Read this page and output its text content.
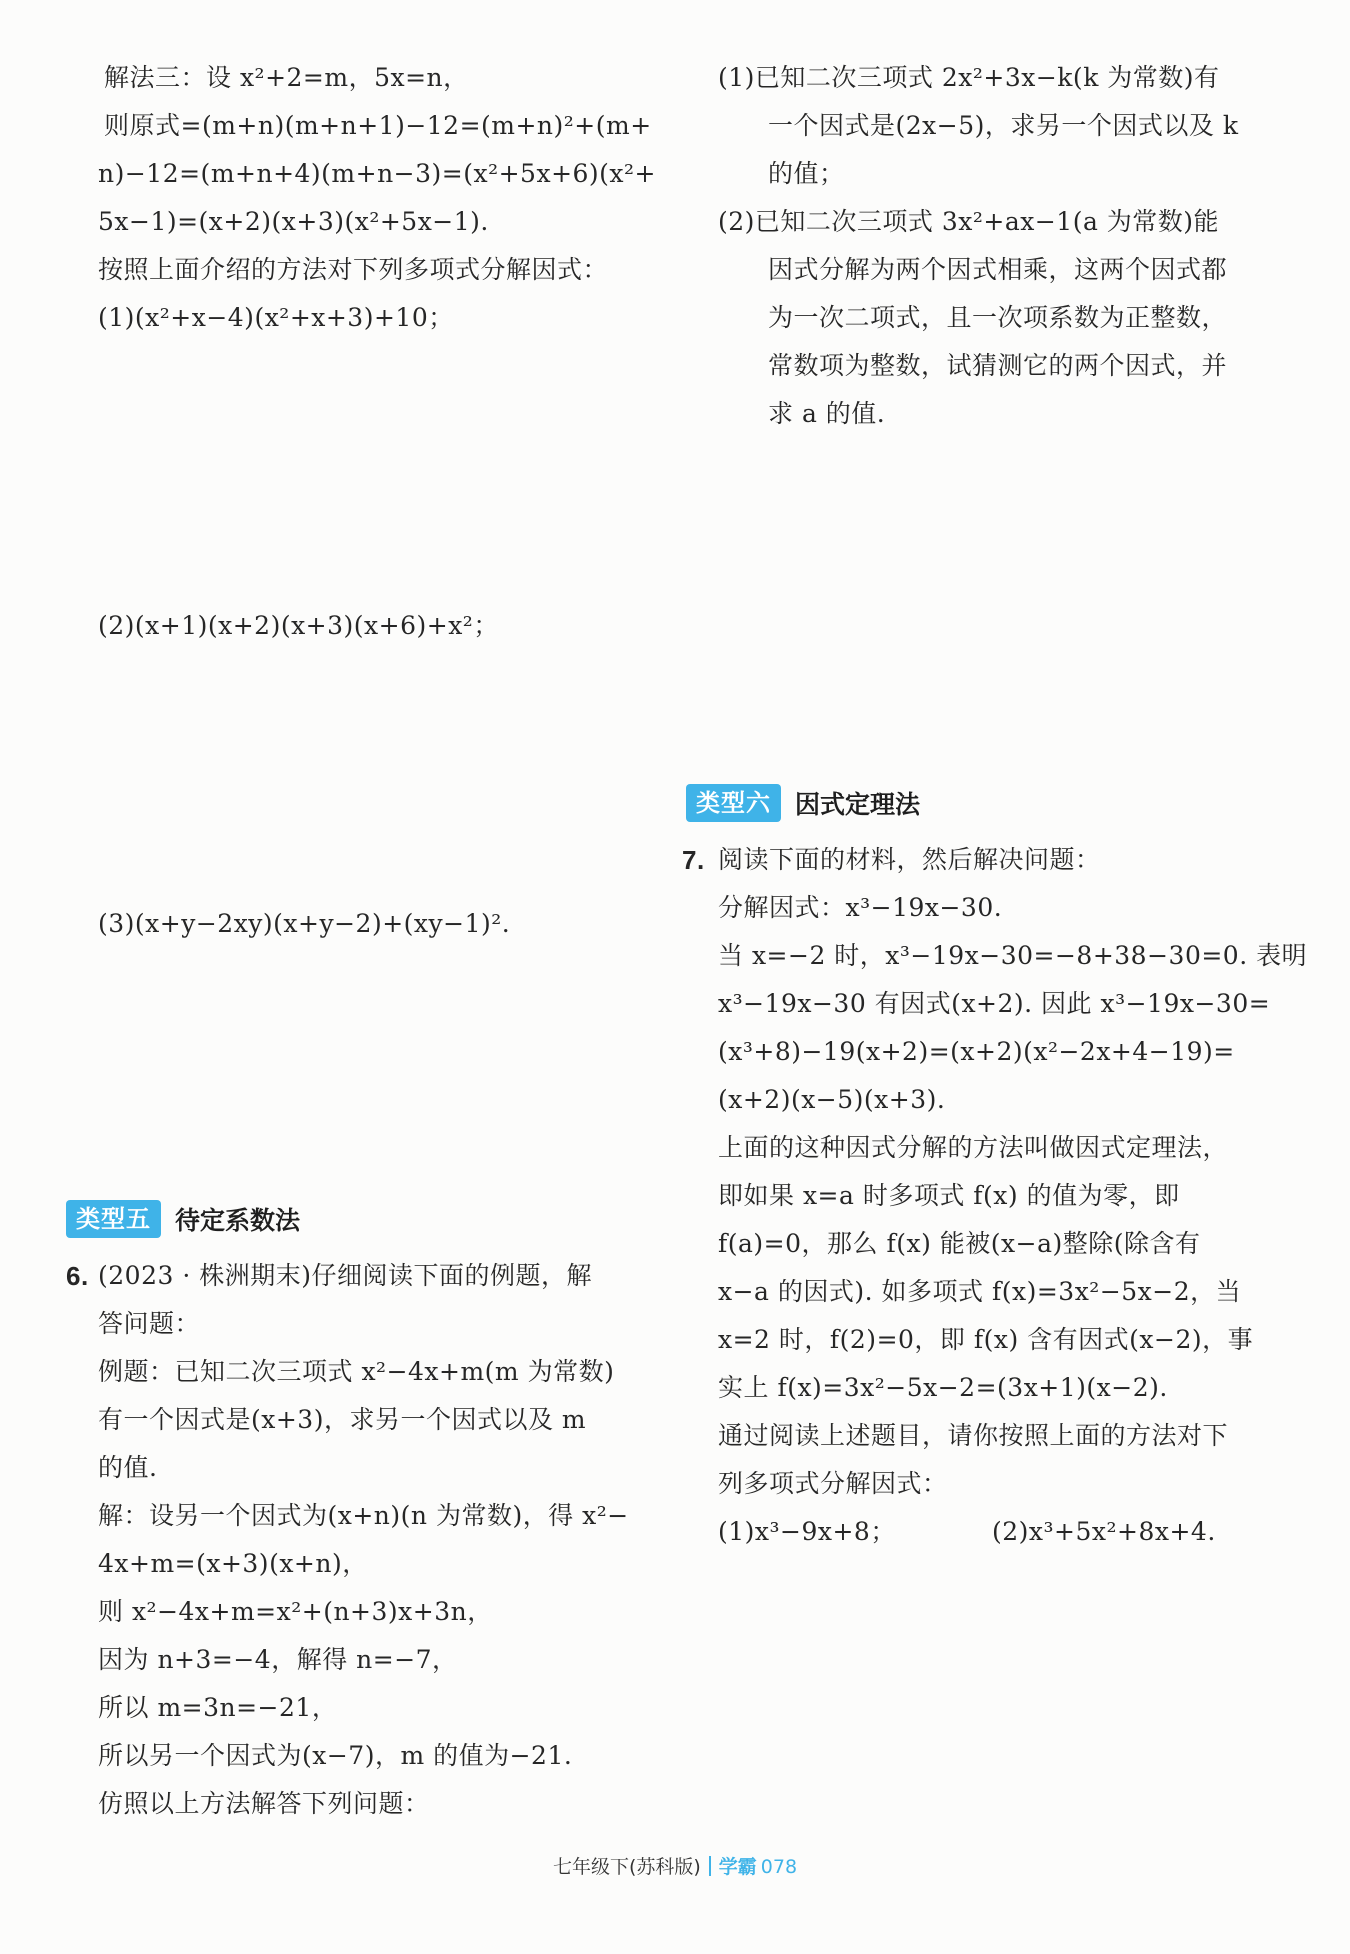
解法三：设 x²+2=m，5x=n，
则原式=(m+n)(m+n+1)−12=(m+n)²+(m+
n)−12=(m+n+4)(m+n−3)=(x²+5x+6)(x²+
5x−1)=(x+2)(x+3)(x²+5x−1).
按照上面介绍的方法对下列多项式分解因式：
(1)(x²+x−4)(x²+x+3)+10；
(2)(x+1)(x+2)(x+3)(x+6)+x²；
(3)(x+y−2xy)(x+y−2)+(xy−1)².
类型五 待定系数法
6. (2023 · 株洲期末)仔细阅读下面的例题，解
答问题：
例题：已知二次三项式 x²−4x+m(m 为常数)
有一个因式是(x+3)，求另一个因式以及 m
的值.
解：设另一个因式为(x+n)(n 为常数)，得 x²−
4x+m=(x+3)(x+n)，
则 x²−4x+m=x²+(n+3)x+3n，
因为 n+3=−4，解得 n=−7，
所以 m=3n=−21，
所以另一个因式为(x−7)，m 的值为−21.
仿照以上方法解答下列问题：
(1)已知二次三项式 2x²+3x−k(k 为常数)有
一个因式是(2x−5)，求另一个因式以及 k
的值；
(2)已知二次三项式 3x²+ax−1(a 为常数)能
因式分解为两个因式相乘，这两个因式都
为一次二项式，且一次项系数为正整数，
常数项为整数，试猜测它的两个因式，并
求 a 的值.
类型六 因式定理法
7. 阅读下面的材料，然后解决问题：
分解因式：x³−19x−30.
当 x=−2 时，x³−19x−30=−8+38−30=0. 表明
x³−19x−30 有因式(x+2). 因此 x³−19x−30=
(x³+8)−19(x+2)=(x+2)(x²−2x+4−19)=
(x+2)(x−5)(x+3).
上面的这种因式分解的方法叫做因式定理法，
即如果 x=a 时多项式 f(x) 的值为零，即
f(a)=0，那么 f(x) 能被(x−a)整除(除含有
x−a 的因式). 如多项式 f(x)=3x²−5x−2，当
x=2 时，f(2)=0，即 f(x) 含有因式(x−2)，事
实上 f(x)=3x²−5x−2=(3x+1)(x−2).
通过阅读上述题目，请你按照上面的方法对下
列多项式分解因式：
(1)x³−9x+8；	(2)x³+5x²+8x+4.
七年级下(苏科版) 学霸 078
